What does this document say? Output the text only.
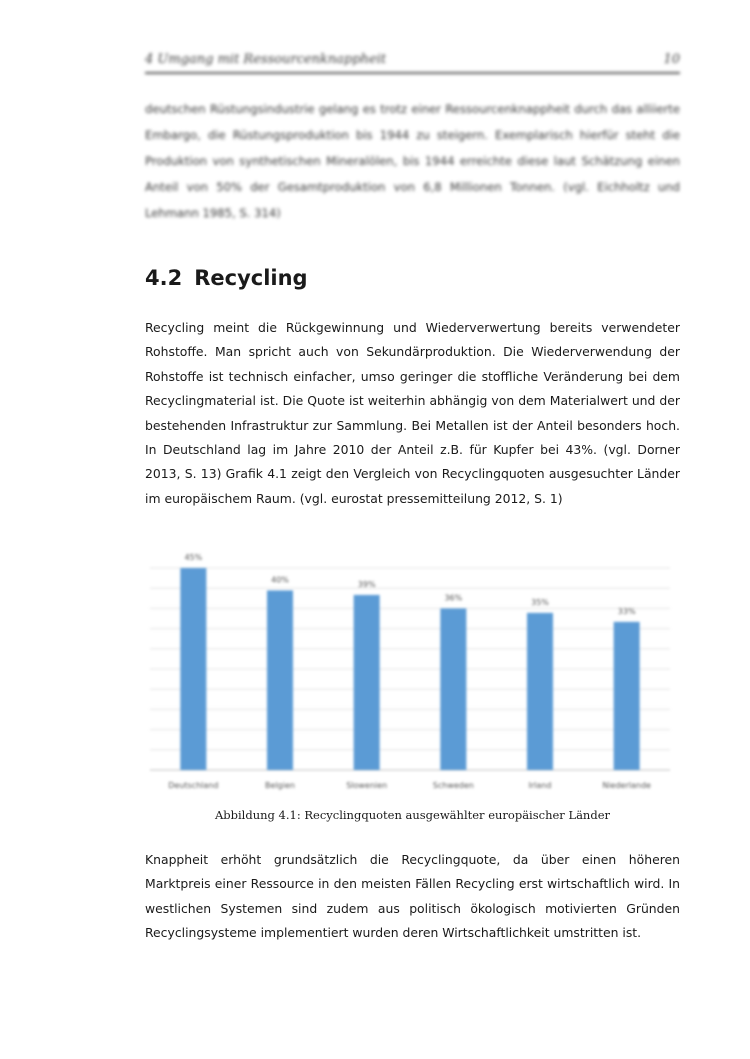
4 Umgang mit Ressourcenknappheit	10

deutschen Rüstungsindustrie gelang es trotz einer Ressourcenknappheit durch das alliierte Embargo, die Rüstungsproduktion bis 1944 zu steigern. Exemplarisch hierfür steht die Produktion von synthetischen Mineralölen, bis 1944 erreichte diese laut Schätzung einen Anteil von 50% der Gesamtproduktion von 6,8 Millionen Tonnen. (vgl. Eichholtz und Lehmann 1985, S. 314)

4.2 Recycling

Recycling meint die Rückgewinnung und Wiederverwertung bereits verwendeter Rohstoffe. Man spricht auch von Sekundärproduktion. Die Wiederverwendung der Rohstoffe ist technisch einfacher, umso geringer die stoffliche Veränderung bei dem Recyclingmaterial ist. Die Quote ist weiterhin abhängig von dem Materialwert und der bestehenden Infrastruktur zur Sammlung. Bei Metallen ist der Anteil besonders hoch. In Deutschland lag im Jahre 2010 der Anteil z.B. für Kupfer bei 43%. (vgl. Dorner 2013, S. 13) Grafik 4.1 zeigt den Vergleich von Recyclingquoten ausgesuchter Länder im europäischem Raum. (vgl. eurostat pressemitteilung 2012, S. 1)

45%
Deutschland
40%
Belgien
39%
Slowenien
36%
Schweden
35%
Irland
33%
Niederlande
Abbildung 4.1: Recyclingquoten ausgewählter europäischer Länder

Knappheit erhöht grundsätzlich die Recyclingquote, da über einen höheren Marktpreis einer Ressource in den meisten Fällen Recycling erst wirtschaftlich wird. In westlichen Systemen sind zudem aus politisch ökologisch motivierten Gründen Recyclingsysteme implementiert wurden deren Wirtschaftlichkeit umstritten ist.
